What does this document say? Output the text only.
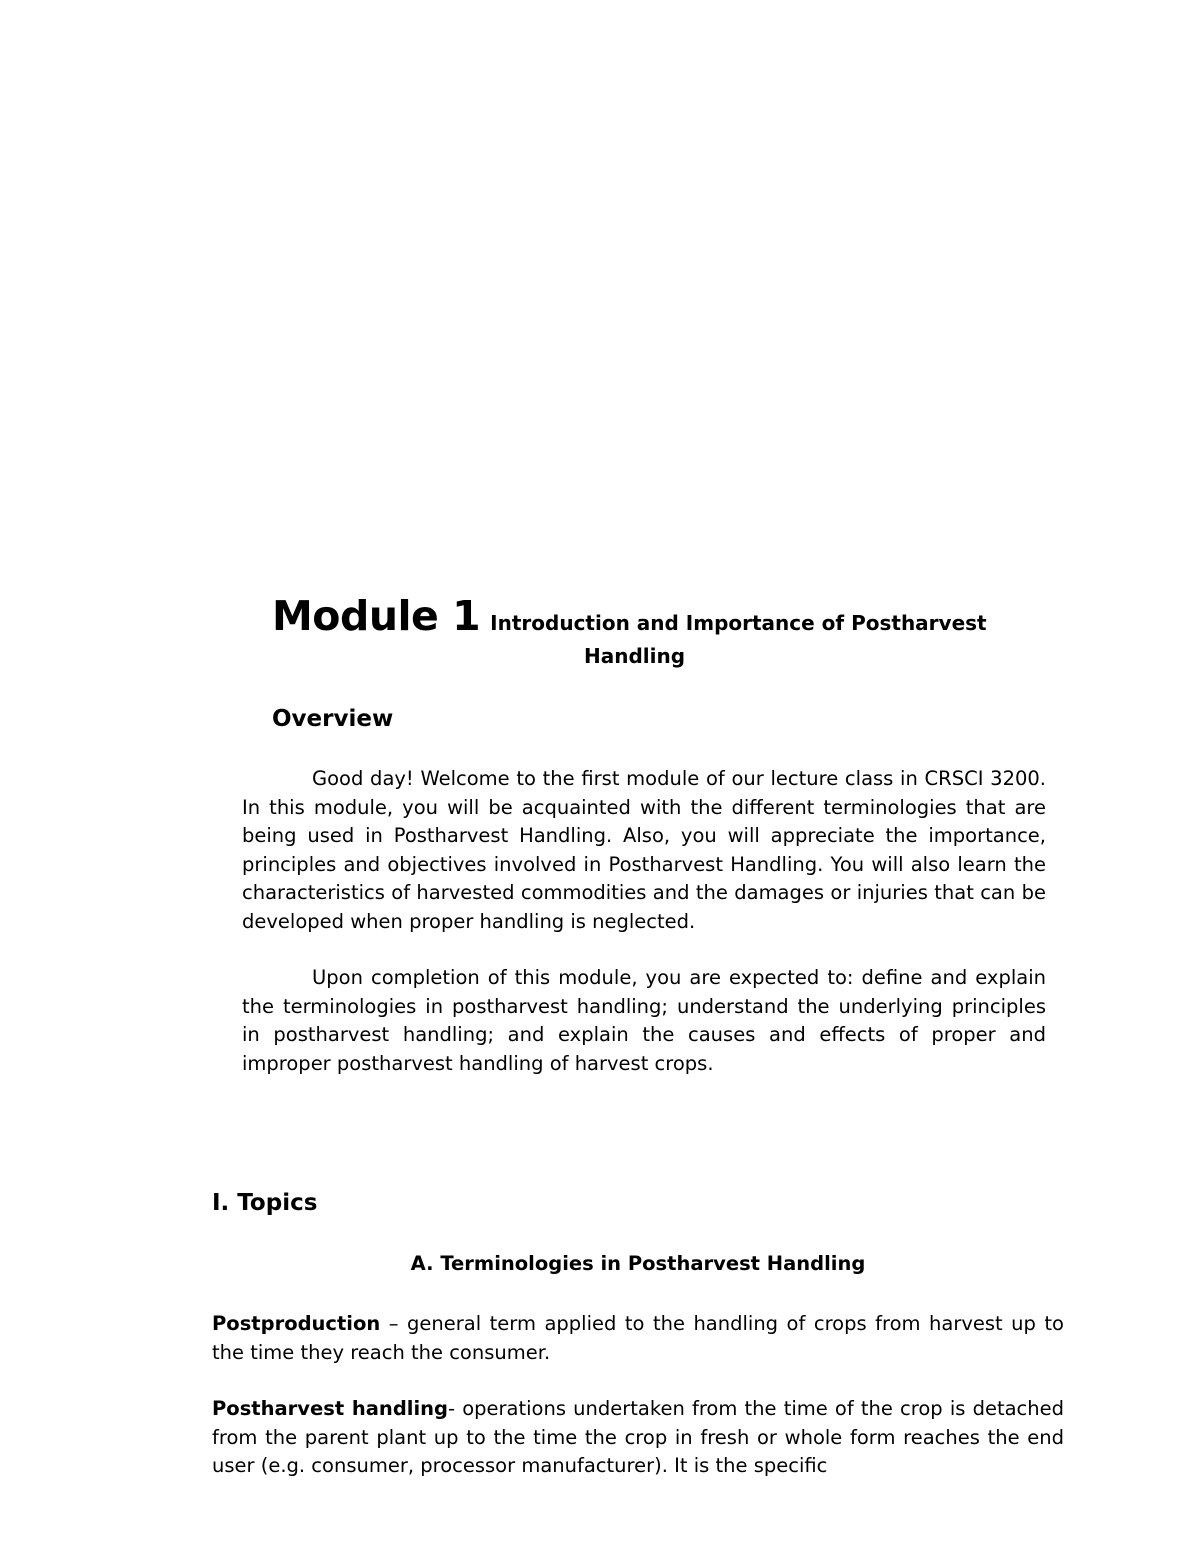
Module 1 Introduction and Importance of Postharvest
Handling
Overview

Good day! Welcome to the first module of our lecture class in CRSCI 3200. In this module, you will be acquainted with the different terminologies that are being used in Postharvest Handling. Also, you will appreciate the importance, principles and objectives involved in Postharvest Handling. You will also learn the characteristics of harvested commodities and the damages or injuries that can be developed when proper handling is neglected.

Upon completion of this module, you are expected to: define and explain the terminologies in postharvest handling; understand the underlying principles in postharvest handling; and explain the causes and effects of proper and improper postharvest handling of harvest crops.

I. Topics
A. Terminologies in Postharvest Handling

Postproduction – general term applied to the handling of crops from harvest up to the time they reach the consumer.

Postharvest handling- operations undertaken from the time of the crop is detached from the parent plant up to the time the crop in fresh or whole form reaches the end user (e.g. consumer, processor manufacturer). It is the specific
